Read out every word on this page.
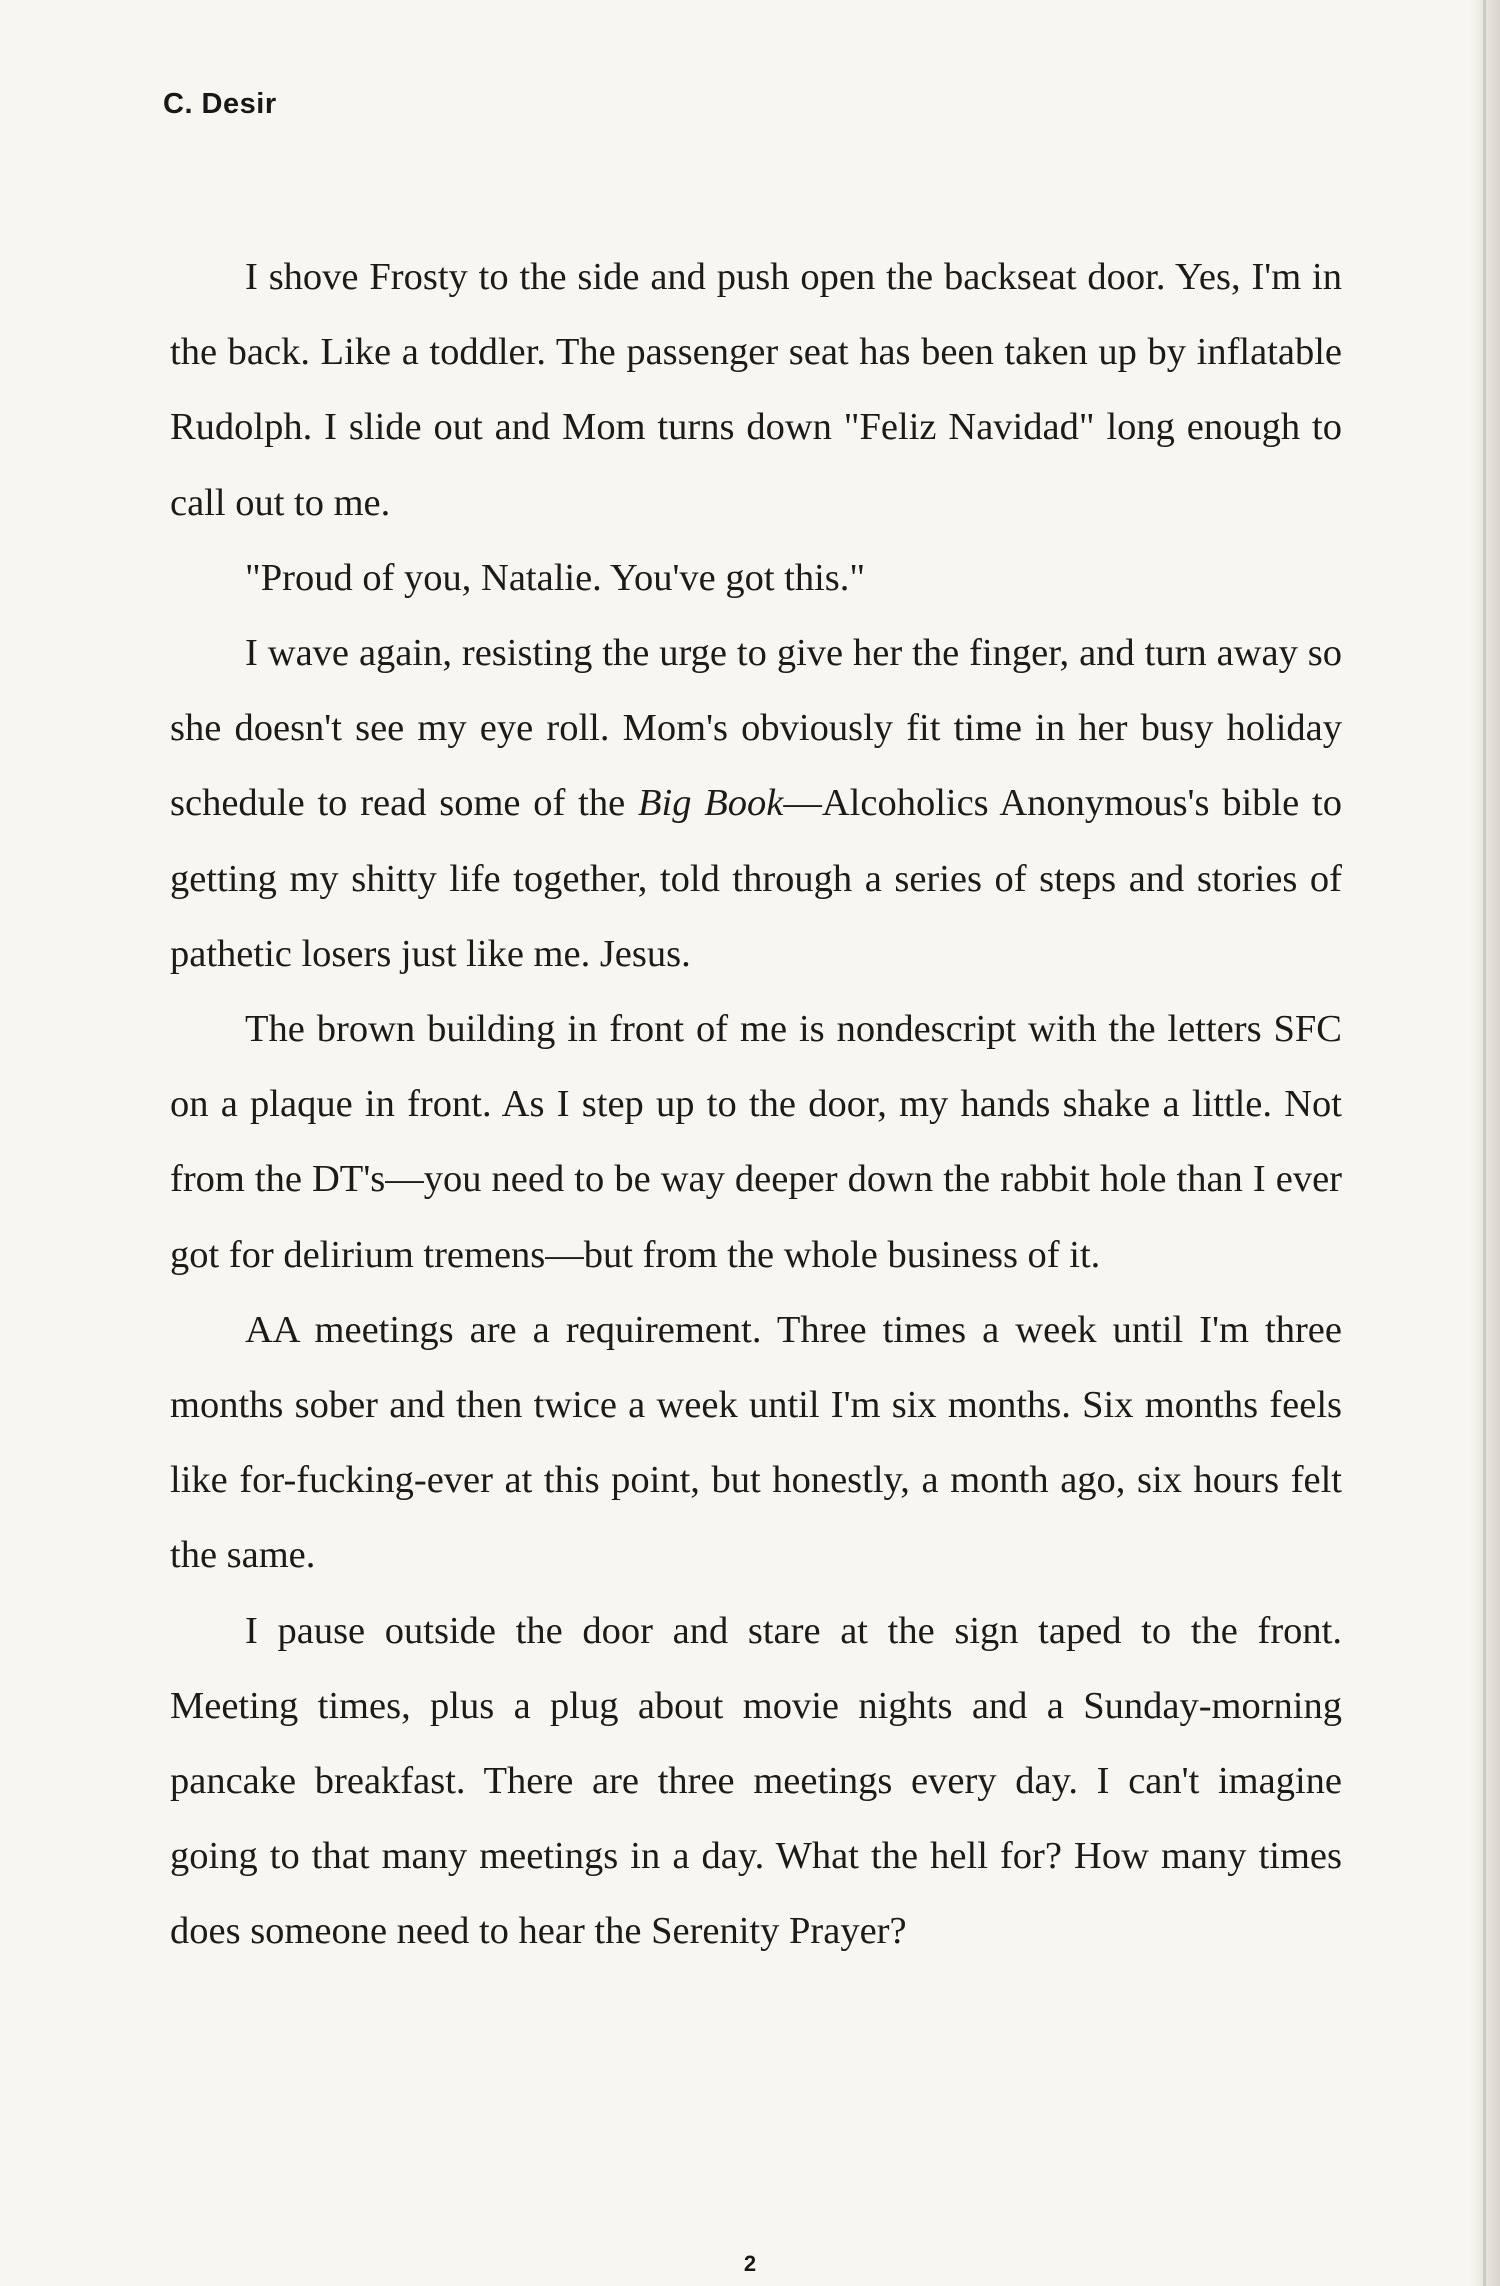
C. Desir

I shove Frosty to the side and push open the backseat door. Yes, I'm in the back. Like a toddler. The passenger seat has been taken up by inflatable Rudolph. I slide out and Mom turns down "Feliz Navidad" long enough to call out to me.

"Proud of you, Natalie. You've got this."

I wave again, resisting the urge to give her the finger, and turn away so she doesn't see my eye roll. Mom's obviously fit time in her busy holiday schedule to read some of the Big Book—Alcoholics Anonymous's bible to getting my shitty life together, told through a series of steps and stories of pathetic losers just like me. Jesus.

The brown building in front of me is nondescript with the letters SFC on a plaque in front. As I step up to the door, my hands shake a little. Not from the DT's—you need to be way deeper down the rabbit hole than I ever got for delirium tremens—but from the whole business of it.

AA meetings are a requirement. Three times a week until I'm three months sober and then twice a week until I'm six months. Six months feels like for-fucking-ever at this point, but honestly, a month ago, six hours felt the same.

I pause outside the door and stare at the sign taped to the front. Meeting times, plus a plug about movie nights and a Sunday-morning pancake breakfast. There are three meetings every day. I can't imagine going to that many meetings in a day. What the hell for? How many times does someone need to hear the Serenity Prayer?

2
